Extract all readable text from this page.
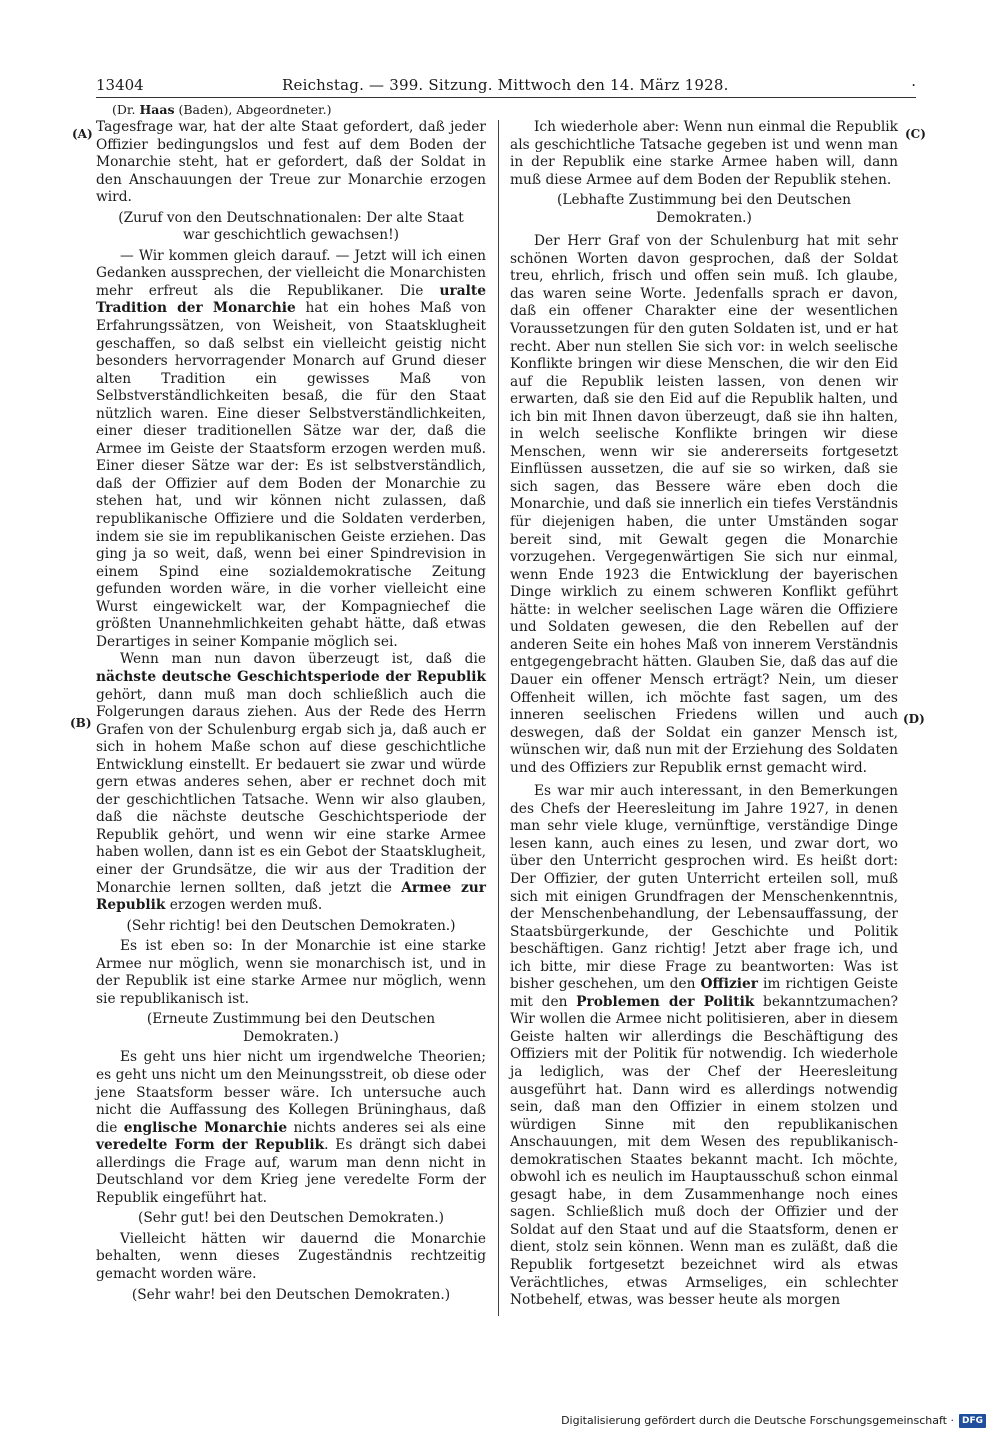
13404	Reichstag. — 399. Sitzung. Mittwoch den 14. März 1928.	·
(Dr. Haas (Baden), Abgeordneter.)
(A)
(B)
(C)
(D)

Tagesfrage war, hat der alte Staat gefordert, daß jeder Offizier bedingungslos und fest auf dem Boden der Monarchie steht, hat er gefordert, daß der Soldat in den Anschauungen der Treue zur Monarchie erzogen wird.

(Zuruf von den Deutschnationalen: Der alte Staat war geschichtlich gewachsen!)

— Wir kommen gleich darauf. — Jetzt will ich einen Gedanken aussprechen, der vielleicht die Monarchisten mehr erfreut als die Republikaner. Die uralte Tradition der Monarchie hat ein hohes Maß von Erfahrungssätzen, von Weisheit, von Staatsklugheit geschaffen, so daß selbst ein vielleicht geistig nicht besonders hervorragender Monarch auf Grund dieser alten Tradition ein gewisses Maß von Selbstverständlichkeiten besaß, die für den Staat nützlich waren. Eine dieser Selbstverständlichkeiten, einer dieser traditionellen Sätze war der, daß die Armee im Geiste der Staatsform erzogen werden muß. Einer dieser Sätze war der: Es ist selbstverständlich, daß der Offizier auf dem Boden der Monarchie zu stehen hat, und wir können nicht zulassen, daß republikanische Offiziere und die Soldaten verderben, indem sie sie im republikanischen Geiste erziehen. Das ging ja so weit, daß, wenn bei einer Spindrevision in einem Spind eine sozialdemokratische Zeitung gefunden worden wäre, in die vorher vielleicht eine Wurst eingewickelt war, der Kompagniechef die größten Unannehmlichkeiten gehabt hätte, daß etwas Derartiges in seiner Kompanie möglich sei.

Wenn man nun davon überzeugt ist, daß die nächste deutsche Geschichtsperiode der Republik gehört, dann muß man doch schließlich auch die Folgerungen daraus ziehen. Aus der Rede des Herrn Grafen von der Schulenburg ergab sich ja, daß auch er sich in hohem Maße schon auf diese geschichtliche Entwicklung einstellt. Er bedauert sie zwar und würde gern etwas anderes sehen, aber er rechnet doch mit der geschichtlichen Tatsache. Wenn wir also glauben, daß die nächste deutsche Geschichtsperiode der Republik gehört, und wenn wir eine starke Armee haben wollen, dann ist es ein Gebot der Staatsklugheit, einer der Grundsätze, die wir aus der Tradition der Monarchie lernen sollten, daß jetzt die Armee zur Republik erzogen werden muß.

(Sehr richtig! bei den Deutschen Demokraten.)

Es ist eben so: In der Monarchie ist eine starke Armee nur möglich, wenn sie monarchisch ist, und in der Republik ist eine starke Armee nur möglich, wenn sie republikanisch ist.

(Erneute Zustimmung bei den Deutschen Demokraten.)

Es geht uns hier nicht um irgendwelche Theorien; es geht uns nicht um den Meinungsstreit, ob diese oder jene Staatsform besser wäre. Ich untersuche auch nicht die Auffassung des Kollegen Brüninghaus, daß die englische Monarchie nichts anderes sei als eine veredelte Form der Republik. Es drängt sich dabei allerdings die Frage auf, warum man denn nicht in Deutschland vor dem Krieg jene veredelte Form der Republik eingeführt hat.

(Sehr gut! bei den Deutschen Demokraten.)

Vielleicht hätten wir dauernd die Monarchie behalten, wenn dieses Zugeständnis rechtzeitig gemacht worden wäre.

(Sehr wahr! bei den Deutschen Demokraten.)

Ich wiederhole aber: Wenn nun einmal die Republik als geschichtliche Tatsache gegeben ist und wenn man in der Republik eine starke Armee haben will, dann muß diese Armee auf dem Boden der Republik stehen.

(Lebhafte Zustimmung bei den Deutschen Demokraten.)

Der Herr Graf von der Schulenburg hat mit sehr schönen Worten davon gesprochen, daß der Soldat treu, ehrlich, frisch und offen sein muß. Ich glaube, das waren seine Worte. Jedenfalls sprach er davon, daß ein offener Charakter eine der wesentlichen Voraussetzungen für den guten Soldaten ist, und er hat recht. Aber nun stellen Sie sich vor: in welch seelische Konflikte bringen wir diese Menschen, die wir den Eid auf die Republik leisten lassen, von denen wir erwarten, daß sie den Eid auf die Republik halten, und ich bin mit Ihnen davon überzeugt, daß sie ihn halten, in welch seelische Konflikte bringen wir diese Menschen, wenn wir sie andererseits fortgesetzt Einflüssen aussetzen, die auf sie so wirken, daß sie sich sagen, das Bessere wäre eben doch die Monarchie, und daß sie innerlich ein tiefes Verständnis für diejenigen haben, die unter Umständen sogar bereit sind, mit Gewalt gegen die Monarchie vorzugehen. Vergegenwärtigen Sie sich nur einmal, wenn Ende 1923 die Entwicklung der bayerischen Dinge wirklich zu einem schweren Konflikt geführt hätte: in welcher seelischen Lage wären die Offiziere und Soldaten gewesen, die den Rebellen auf der anderen Seite ein hohes Maß von innerem Verständnis entgegengebracht hätten. Glauben Sie, daß das auf die Dauer ein offener Mensch erträgt? Nein, um dieser Offenheit willen, ich möchte fast sagen, um des inneren seelischen Friedens willen und auch deswegen, daß der Soldat ein ganzer Mensch ist, wünschen wir, daß nun mit der Erziehung des Soldaten und des Offiziers zur Republik ernst gemacht wird.

Es war mir auch interessant, in den Bemerkungen des Chefs der Heeresleitung im Jahre 1927, in denen man sehr viele kluge, vernünftige, verständige Dinge lesen kann, auch eines zu lesen, und zwar dort, wo über den Unterricht gesprochen wird. Es heißt dort: Der Offizier, der guten Unterricht erteilen soll, muß sich mit einigen Grundfragen der Menschenkenntnis, der Menschenbehandlung, der Lebensauffassung, der Staatsbürgerkunde, der Geschichte und Politik beschäftigen. Ganz richtig! Jetzt aber frage ich, und ich bitte, mir diese Frage zu beantworten: Was ist bisher geschehen, um den Offizier im richtigen Geiste mit den Problemen der Politik bekanntzumachen? Wir wollen die Armee nicht politisieren, aber in diesem Geiste halten wir allerdings die Beschäftigung des Offiziers mit der Politik für notwendig. Ich wiederhole ja lediglich, was der Chef der Heeresleitung ausgeführt hat. Dann wird es allerdings notwendig sein, daß man den Offizier in einem stolzen und würdigen Sinne mit den republikanischen Anschauungen, mit dem Wesen des republikanisch-demokratischen Staates bekannt macht. Ich möchte, obwohl ich es neulich im Hauptausschuß schon einmal gesagt habe, in dem Zusammenhange noch eines sagen. Schließlich muß doch der Offizier und der Soldat auf den Staat und auf die Staatsform, denen er dient, stolz sein können. Wenn man es zuläßt, daß die Republik fortgesetzt bezeichnet wird als etwas Verächtliches, etwas Armseliges, ein schlechter Notbehelf, etwas, was besser heute als morgen

Digitalisierung gefördert durch die Deutsche Forschungsgemeinschaft · DFG
